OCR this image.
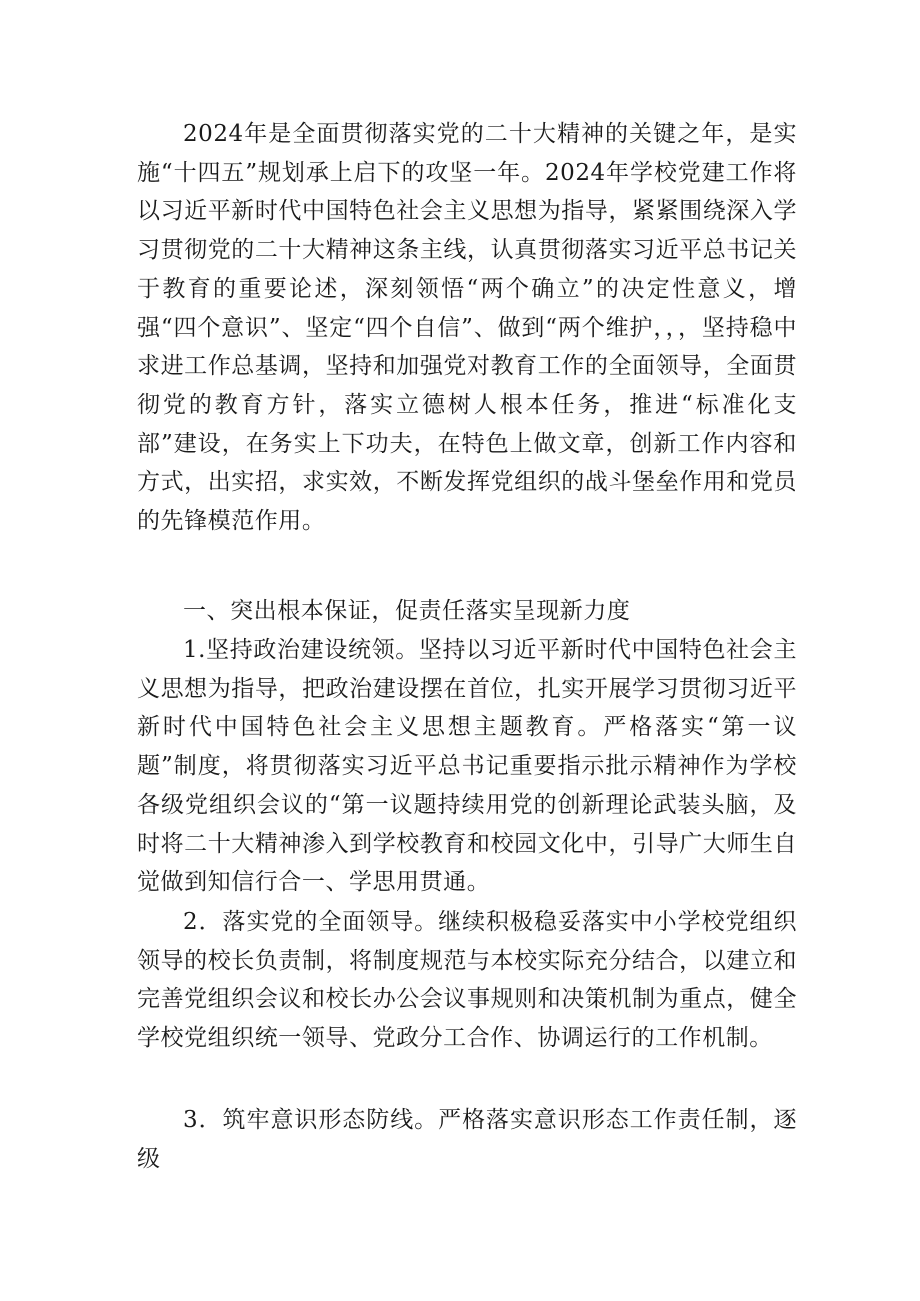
2024年是全面贯彻落实党的二十大精神的关键之年，是实施“十四五”规划承上启下的攻坚一年。2024年学校党建工作将以习近平新时代中国特色社会主义思想为指导，紧紧围绕深入学习贯彻党的二十大精神这条主线，认真贯彻落实习近平总书记关于教育的重要论述，深刻领悟“两个确立”的决定性意义，增强“四个意识”、坚定“四个自信”、做到“两个维护，，，坚持稳中求进工作总基调，坚持和加强党对教育工作的全面领导，全面贯彻党的教育方针，落实立德树人根本任务，推进“标准化支部”建设，在务实上下功夫，在特色上做文章，创新工作内容和方式，出实招，求实效，不断发挥党组织的战斗堡垒作用和党员的先锋模范作用。

一、突出根本保证，促责任落实呈现新力度

1.坚持政治建设统领。坚持以习近平新时代中国特色社会主义思想为指导，把政治建设摆在首位，扎实开展学习贯彻习近平新时代中国特色社会主义思想主题教育。严格落实“第一议题”制度，将贯彻落实习近平总书记重要指示批示精神作为学校各级党组织会议的“第一议题持续用党的创新理论武装头脑，及时将二十大精神渗入到学校教育和校园文化中，引导广大师生自觉做到知信行合一、学思用贯通。

2．落实党的全面领导。继续积极稳妥落实中小学校党组织领导的校长负责制，将制度规范与本校实际充分结合，以建立和完善党组织会议和校长办公会议事规则和决策机制为重点，健全学校党组织统一领导、党政分工合作、协调运行的工作机制。

3．筑牢意识形态防线。严格落实意识形态工作责任制，逐级
